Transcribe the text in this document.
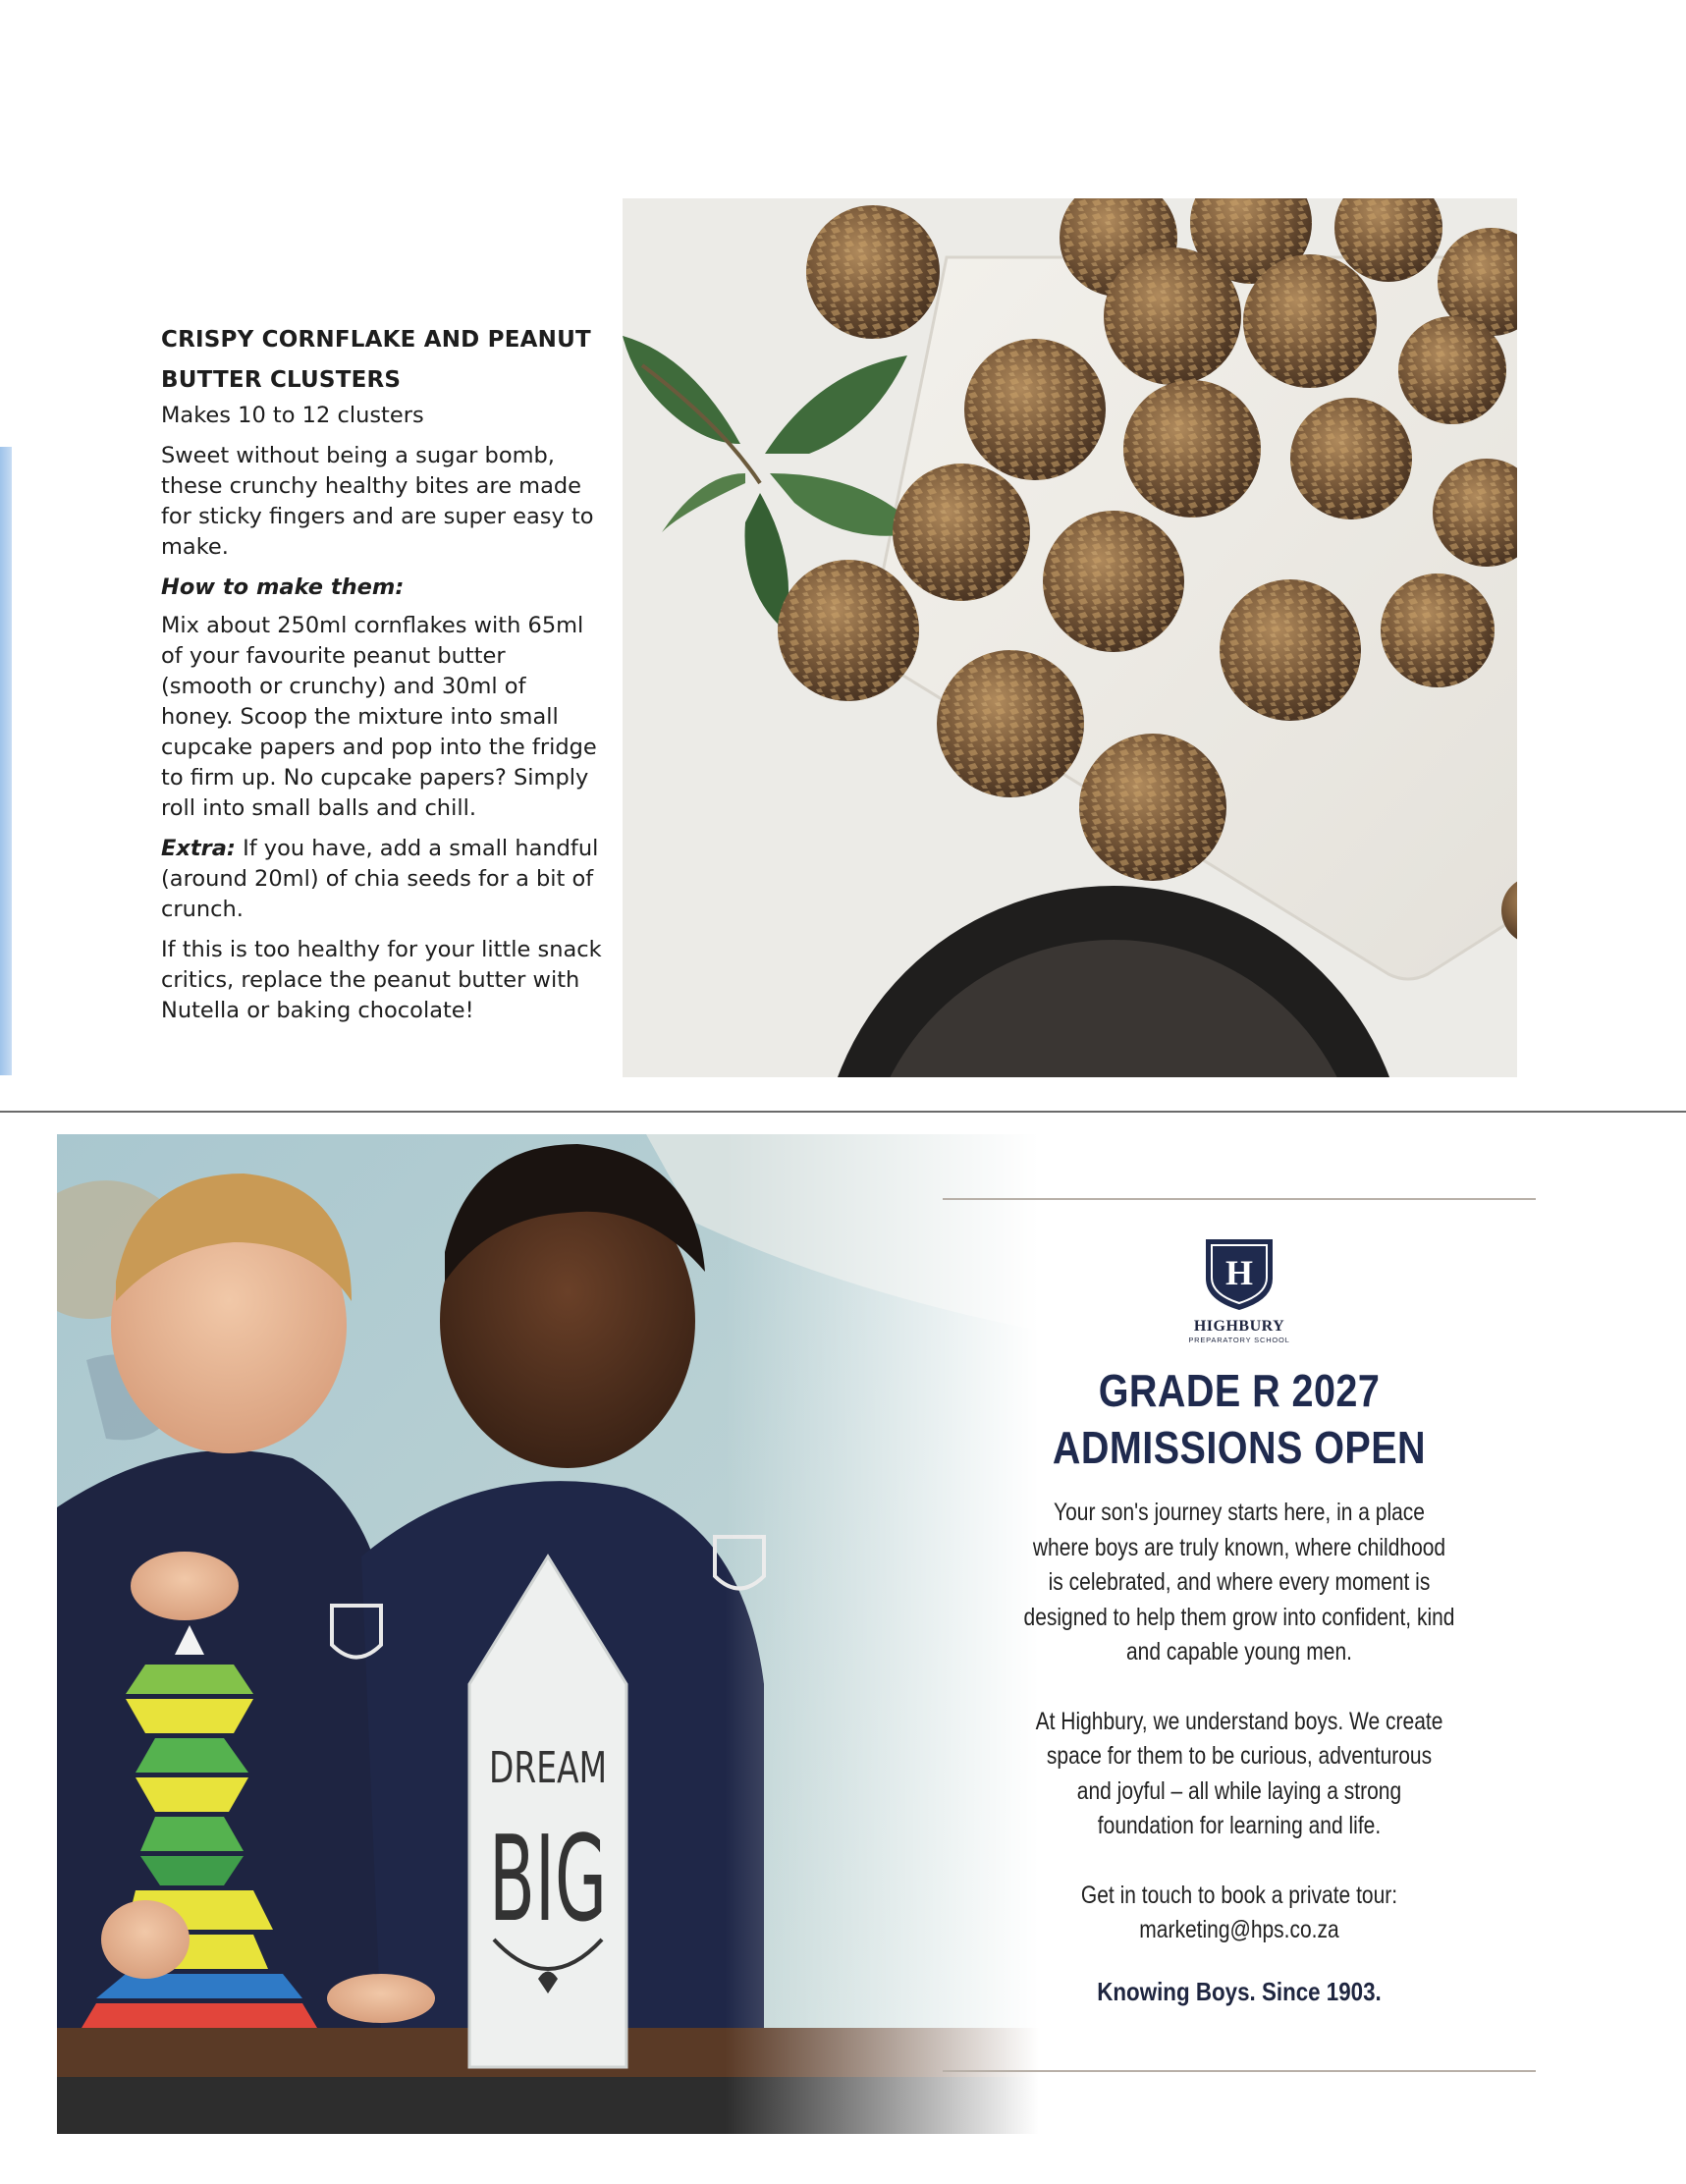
CRISPY CORNFLAKE AND PEANUT
BUTTER CLUSTERS

Makes 10 to 12 clusters

Sweet without being a sugar bomb, these crunchy healthy bites are made for sticky fingers and are super easy to make.

How to make them:

Mix about 250ml cornflakes with 65ml of your favourite peanut butter (smooth or crunchy) and 30ml of honey. Scoop the mixture into small cupcake papers and pop into the fridge to firm up. No cupcake papers? Simply roll into small balls and chill.

Extra: If you have, add a small handful (around 20ml) of chia seeds for a bit of crunch.

If this is too healthy for your little snack critics, replace the peanut butter with Nutella or baking chocolate!

H
HIGHBURY
PREPARATORY SCHOOL
GRADE R 2027
ADMISSIONS OPEN

Your son's journey starts here, in a place where boys are truly known, where childhood is celebrated, and where every moment is designed to help them grow into confident, kind and capable young men.

At Highbury, we understand boys. We create space for them to be curious, adventurous and joyful – all while laying a strong foundation for learning and life.

Get in touch to book a private tour:
marketing@hps.co.za

Knowing Boys. Since 1903.
